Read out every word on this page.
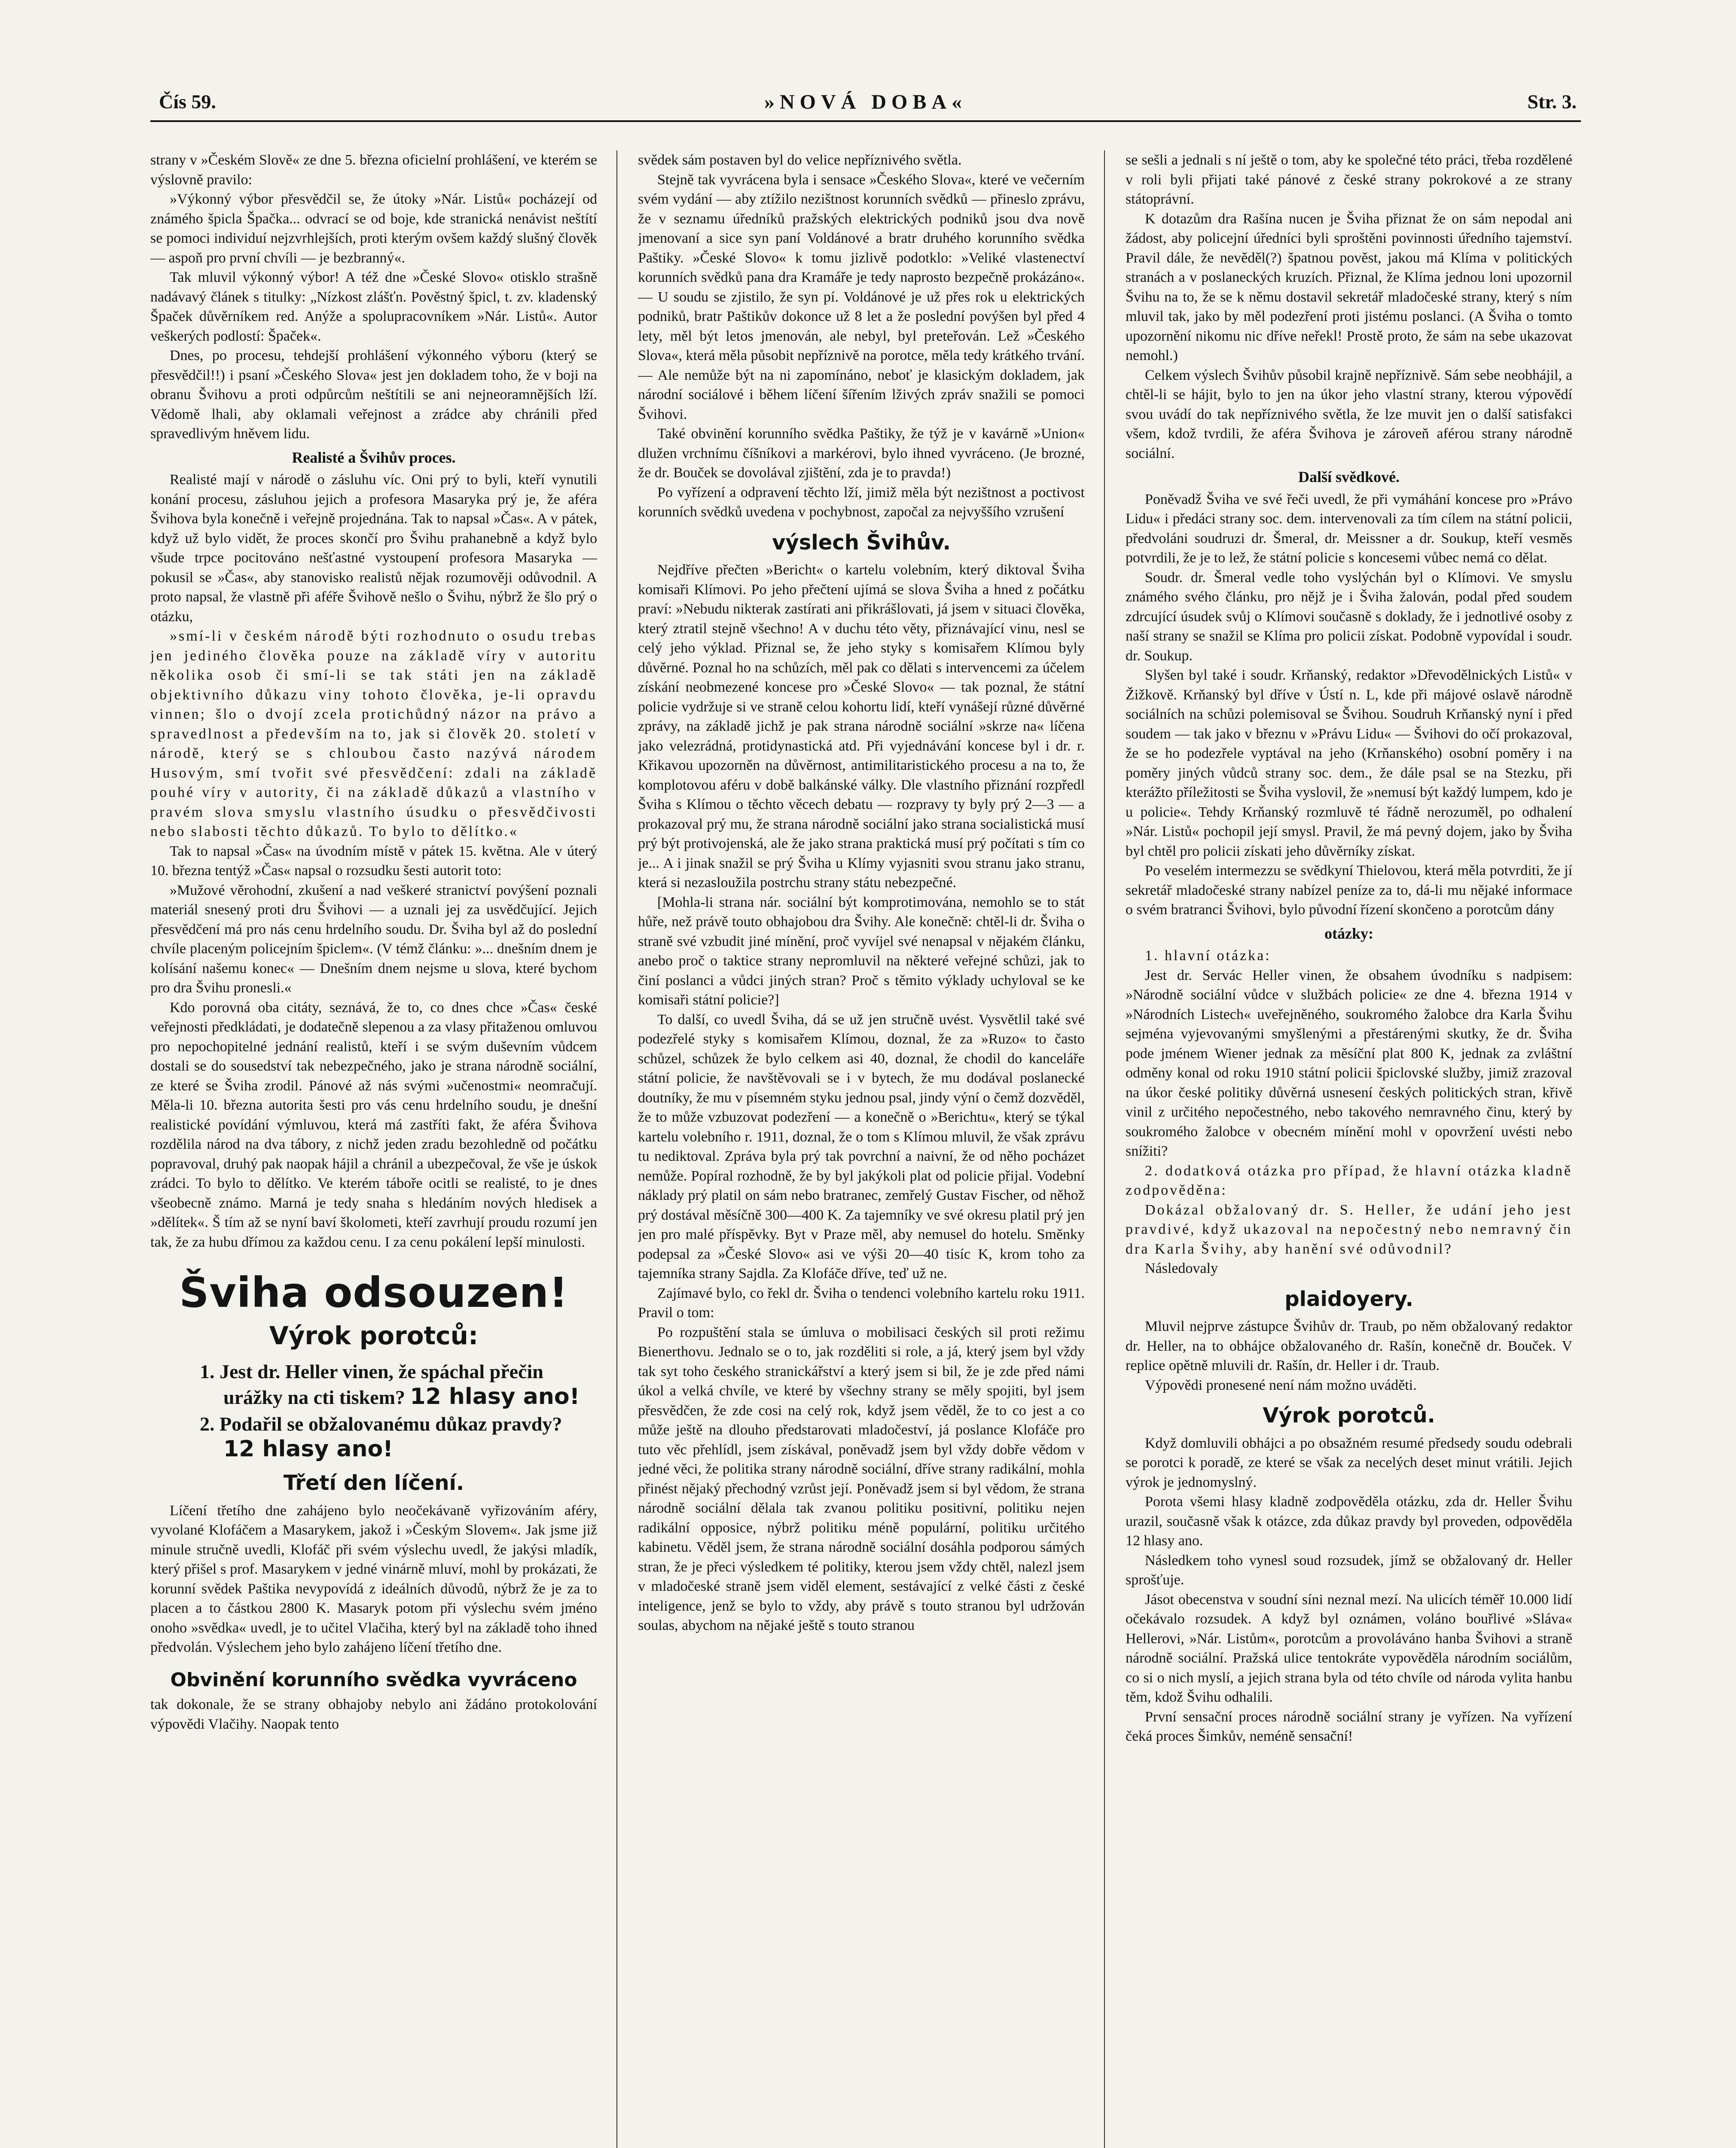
Čís 59.	»NOVÁ DOBA«	Str. 3.

strany v »Českém Slově« ze dne 5. března oficielní prohlášení, ve kterém se výslovně pravilo:

»Výkonný výbor přesvědčil se, že útoky »Nár. Listů« pocházejí od známého špicla Špačka... odvrací se od boje, kde stranická nenávist neštítí se pomoci individuí nejzvrhlejších, proti kterým ovšem každý slušný člověk — aspoň pro první chvíli — je bezbranný«.

Tak mluvil výkonný výbor! A též dne »České Slovo« otisklo strašně nadávavý článek s titulky: „Nízkost zlášťn. Pověstný špicl, t. zv. kladenský Špaček důvěrníkem red. Anýže a spolupracovníkem »Nár. Listů«. Autor veškerých podlostí: Špaček«.

Dnes, po procesu, tehdejší prohlášení výkonného výboru (který se přesvědčil!!) i psaní »Českého Slova« jest jen dokladem toho, že v boji na obranu Švihovu a proti odpůrcům neštítili se ani nejneoramnějších lží. Vědomě lhali, aby oklamali veřejnost a zrádce aby chránili před spravedlivým hněvem lidu.

Realisté a Švihův proces.

Realisté mají v národě o zásluhu víc. Oni prý to byli, kteří vynutili konání procesu, zásluhou jejich a profesora Masaryka prý je, že aféra Švihova byla konečně i veřejně projednána. Tak to napsal »Čas«. A v pátek, když už bylo vidět, že proces skončí pro Švihu prahanebně a když bylo všude trpce pocitováno nešťastné vystoupení profesora Masaryka — pokusil se »Čas«, aby stanovisko realistů nějak rozumověji odůvodnil. A proto napsal, že vlastně při aféře Švihově nešlo o Švihu, nýbrž že šlo prý o otázku,

»smí-li v českém národě býti rozhodnuto o osudu trebas jen jediného člověka pouze na základě víry v autoritu několika osob či smí-li se tak státi jen na základě objektivního důkazu viny tohoto člověka, je-li opravdu vinnen; šlo o dvojí zcela protichůdný názor na právo a spravedlnost a především na to, jak si člověk 20. století v národě, který se s chloubou často nazývá národem Husovým, smí tvořit své přesvědčení: zdali na základě pouhé víry v autority, či na základě důkazů a vlastního v pravém slova smyslu vlastního úsudku o přesvědčivosti nebo slabosti těchto důkazů. To bylo to dělítko.«

Tak to napsal »Čas« na úvodním místě v pátek 15. května. Ale v úterý 10. března tentýž »Čas« napsal o rozsudku šesti autorit toto:

»Mužové věrohodní, zkušení a nad veškeré stranictví povýšení poznali materiál snesený proti dru Švihovi — a uznali jej za usvědčující. Jejich přesvědčení má pro nás cenu hrdelního soudu. Dr. Šviha byl až do poslední chvíle placeným policejním špiclem«. (V témž článku: »... dnešním dnem je kolísání našemu konec« — Dnešním dnem nejsme u slova, které bychom pro dra Švihu pronesli.«

Kdo porovná oba citáty, seznává, že to, co dnes chce »Čas« české veřejnosti předkládati, je dodatečně slepenou a za vlasy přitaženou omluvou pro nepochopitelné jednání realistů, kteří i se svým duševním vůdcem dostali se do sousedství tak nebezpečného, jako je strana národně sociální, ze které se Šviha zrodil. Pánové až nás svými »učenostmi« neomračují. Měla-li 10. března autorita šesti pro vás cenu hrdelního soudu, je dnešní realistické povídání výmluvou, která má zastříti fakt, že aféra Švihova rozdělila národ na dva tábory, z nichž jeden zradu bezohledně od počátku popravoval, druhý pak naopak hájil a chránil a ubezpečoval, že vše je úskok zrádci. To bylo to dělítko. Ve kterém táboře ocitli se realisté, to je dnes všeobecně známo. Marná je tedy snaha s hledáním nových hledisek a »dělítek«. Š tím až se nyní baví školometi, kteří zavrhují proudu rozumí jen tak, že za hubu dřímou za každou cenu. I za cenu pokálení lepší minulosti.

Šviha odsouzen!
Výrok porotců:
1. Jest dr. Heller vinen, že spáchal přečin urážky na cti tiskem? 12 hlasy ano!
2. Podařil se obžalovanému důkaz pravdy? 12 hlasy ano!
Třetí den líčení.

Líčení třetího dne zahájeno bylo neočekávaně vyřizováním aféry, vyvolané Klofáčem a Masarykem, jakož i »Českým Slovem«. Jak jsme již minule stručně uvedli, Klofáč při svém výslechu uvedl, že jakýsi mladík, který přišel s prof. Masarykem v jedné vinárně mluví, mohl by prokázati, že korunní svědek Paštika nevypovídá z ideálních důvodů, nýbrž že je za to placen a to částkou 2800 K. Masaryk potom při výslechu svém jméno onoho »svědka« uvedl, je to učitel Vlačiha, který byl na základě toho ihned předvolán. Výslechem jeho bylo zahájeno líčení třetího dne.

Obvinění korunního svědka vyvráceno

tak dokonale, že se strany obhajoby nebylo ani žádáno protokolování výpovědi Vlačihy. Naopak tento

svědek sám postaven byl do velice nepříznivého světla.

Stejně tak vyvrácena byla i sensace »Českého Slova«, které ve večerním svém vydání — aby ztížilo nezištnost korunních svědků — přineslo zprávu, že v seznamu úředníků pražských elektrických podniků jsou dva nově jmenovaní a sice syn paní Voldánové a bratr druhého korunního svědka Paštiky. »České Slovo« k tomu jizlivě podotklo: »Veliké vlastenectví korunních svědků pana dra Kramáře je tedy naprosto bezpečně prokázáno«. — U soudu se zjistilo, že syn pí. Voldánové je už přes rok u elektrických podniků, bratr Paštikův dokonce už 8 let a že poslední povýšen byl před 4 lety, měl být letos jmenován, ale nebyl, byl preteřován. Lež »Českého Slova«, která měla působit nepříznivě na porotce, měla tedy krátkého trvání. — Ale nemůže být na ni zapomínáno, neboť je klasickým dokladem, jak národní sociálové i během líčení šířením lživých zpráv snažili se pomoci Švihovi.

Také obvinění korunního svědka Paštiky, že týž je v kavárně »Union« dlužen vrchnímu číšníkovi a markérovi, bylo ihned vyvráceno. (Je brozné, že dr. Bouček se dovolával zjištění, zda je to pravda!)

Po vyřízení a odpravení těchto lží, jimiž měla být nezištnost a poctivost korunních svědků uvedena v pochybnost, započal za nejvyššího vzrušení

výslech Švihův.

Nejdříve přečten »Bericht« o kartelu volebním, který diktoval Šviha komisaři Klímovi. Po jeho přečtení ujímá se slova Šviha a hned z počátku praví: »Nebudu nikterak zastírati ani přikrášlovati, já jsem v situaci člověka, který ztratil stejně všechno! A v duchu této věty, přiznávající vinu, nesl se celý jeho výklad. Přiznal se, že jeho styky s komisařem Klímou byly důvěrné. Poznal ho na schůzích, měl pak co dělati s intervencemi za účelem získání neobmezené koncese pro »České Slovo« — tak poznal, že státní policie vydržuje si ve straně celou kohortu lidí, kteří vynášejí různé důvěrné zprávy, na základě jichž je pak strana národně sociální »skrze na« líčena jako velezrádná, protidynastická atd. Při vyjednávání koncese byl i dr. r. Křikavou upozorněn na důvěrnost, antimilitaristického procesu a na to, že komplotovou aféru v době balkánské války. Dle vlastního přiznání rozpředl Šviha s Klímou o těchto věcech debatu — rozpravy ty byly prý 2—3 — a prokazoval prý mu, že strana národně sociální jako strana socialistická musí prý být protivojenská, ale že jako strana praktická musí prý počítati s tím co je... A i jinak snažil se prý Šviha u Klímy vyjasniti svou stranu jako stranu, která si nezasloužila postrchu strany státu nebezpečné.

[Mohla-li strana nár. sociální být komprotimována, nemohlo se to stát hůře, než právě touto obhajobou dra Švihy. Ale konečně: chtěl-li dr. Šviha o straně své vzbudit jiné mínění, proč vyvíjel své nenapsal v nějakém článku, anebo proč o taktice strany nepromluvil na některé veřejné schůzi, jak to činí poslanci a vůdci jiných stran? Proč s těmito výklady uchyloval se ke komisaři státní policie?]

To další, co uvedl Šviha, dá se už jen stručně uvést. Vysvětlil také své podezřelé styky s komisařem Klímou, doznal, že za »Ruzo« to často schůzel, schůzek že bylo celkem asi 40, doznal, že chodil do kanceláře státní policie, že navštěvovali se i v bytech, že mu dodával poslanecké doutníky, že mu v písemném styku jednou psal, jindy výní o čemž dozvěděl, že to může vzbuzovat podezření — a konečně o »Berichtu«, který se týkal kartelu volebního r. 1911, doznal, že o tom s Klímou mluvil, že však zprávu tu nediktoval. Zpráva byla prý tak povrchní a naivní, že od něho pocházet nemůže. Popíral rozhodně, že by byl jakýkoli plat od policie přijal. Vodební náklady prý platil on sám nebo bratranec, zemřelý Gustav Fischer, od něhož prý dostával měsíčně 300—400 K. Za tajemníky ve své okresu platil prý jen jen pro malé příspěvky. Byt v Praze měl, aby nemusel do hotelu. Směnky podepsal za »České Slovo« asi ve výši 20—40 tisíc K, krom toho za tajemníka strany Sajdla. Za Klofáče dříve, teď už ne.

Zajímavé bylo, co řekl dr. Šviha o tendenci volebního kartelu roku 1911. Pravil o tom:

Po rozpuštění stala se úmluva o mobilisaci českých sil proti režimu Bienerthovu. Jednalo se o to, jak rozděliti si role, a já, který jsem byl vždy tak syt toho českého stranickářství a který jsem si bil, že je zde před námi úkol a velká chvíle, ve které by všechny strany se měly spojiti, byl jsem přesvědčen, že zde cosi na celý rok, když jsem věděl, že to co jest a co může ještě na dlouho předstarovati mladočeství, já poslance Klofáče pro tuto věc přehlídl, jsem získával, poněvadž jsem byl vždy dobře vědom v jedné věci, že politika strany národně sociální, dříve strany radikální, mohla přinést nějaký přechodný vzrůst její. Poněvadž jsem si byl vědom, že strana národně sociální dělala tak zvanou politiku positivní, politiku nejen radikální opposice, nýbrž politiku méně populární, politiku určitého kabinetu. Věděl jsem, že strana národně sociální dosáhla podporou sámých stran, že je přeci výsledkem té politiky, kterou jsem vždy chtěl, nalezl jsem v mladočeské straně jsem viděl element, sestávající z velké části z české inteligence, jenž se bylo to vždy, aby právě s touto stranou byl udržován soulas, abychom na nějaké ještě s touto stranou

se sešli a jednali s ní ještě o tom, aby ke společné této práci, třeba rozdělené v roli byli přijati také pánové z české strany pokrokové a ze strany státoprávní.

K dotazům dra Rašína nucen je Šviha přiznat že on sám nepodal ani žádost, aby policejní úředníci byli sproštěni povinnosti úředního tajemství. Pravil dále, že nevěděl(?) špatnou pověst, jakou má Klíma v politických stranách a v poslaneckých kruzích. Přiznal, že Klíma jednou loni upozornil Švihu na to, že se k němu dostavil sekretář mladočeské strany, který s ním mluvil tak, jako by měl podezření proti jistému poslanci. (A Šviha o tomto upozornění nikomu nic dříve neřekl! Prostě proto, že sám na sebe ukazovat nemohl.)

Celkem výslech Švihův působil krajně nepříznivě. Sám sebe neobhájil, a chtěl-li se hájit, bylo to jen na úkor jeho vlastní strany, kterou výpovědí svou uvádí do tak nepříznivého světla, že lze muvit jen o další satisfakci všem, kdož tvrdili, že aféra Švihova je zároveň aférou strany národně sociální.

Další svědkové.

Poněvadž Šviha ve své řeči uvedl, že při vymáhání koncese pro »Právo Lidu« i předáci strany soc. dem. intervenovali za tím cílem na státní policii, předvoláni soudruzi dr. Šmeral, dr. Meissner a dr. Soukup, kteří vesměs potvrdili, že je to lež, že státní policie s koncesemi vůbec nemá co dělat.

Soudr. dr. Šmeral vedle toho vyslýchán byl o Klímovi. Ve smyslu známého svého článku, pro nějž je i Šviha žalován, podal před soudem zdrcující úsudek svůj o Klímovi současně s doklady, že i jednotlivé osoby z naší strany se snažil se Klíma pro policii získat. Podobně vypovídal i soudr. dr. Soukup.

Slyšen byl také i soudr. Krňanský, redaktor »Dřevodělnických Listů« v Žižkově. Krňanský byl dříve v Ústí n. L, kde při májové oslavě národně sociálních na schůzi polemisoval se Švihou. Soudruh Krňanský nyní i před soudem — tak jako v březnu v »Právu Lidu« — Švihovi do očí prokazoval, že se ho podezřele vyptával na jeho (Krňanského) osobní poměry i na poměry jiných vůdců strany soc. dem., že dále psal se na Stezku, při kterážto příležitosti se Šviha vyslovil, že »nemusí být každý lumpem, kdo je u policie«. Tehdy Krňanský rozmluvě té řádně nerozuměl, po odhalení »Nár. Listů« pochopil její smysl. Pravil, že má pevný dojem, jako by Šviha byl chtěl pro policii získati jeho důvěrníky získat.

Po veselém intermezzu se svědkyní Thielovou, která měla potvrditi, že jí sekretář mladočeské strany nabízel peníze za to, dá-li mu nějaké informace o svém bratranci Švihovi, bylo původní řízení skončeno a porotcům dány

otázky:

1. hlavní otázka:

Jest dr. Servác Heller vinen, že obsahem úvodníku s nadpisem: »Národně sociální vůdce v službách policie« ze dne 4. března 1914 v »Národních Listech« uveřejněného, soukromého žalobce dra Karla Švihu sejména vyjevovanými smyšlenými a přestárenými skutky, že dr. Šviha pode jménem Wiener jednak za měsíční plat 800 K, jednak za zvláštní odměny konal od roku 1910 státní policii špiclovské služby, jimiž zrazoval na úkor české politiky důvěrná usnesení českých politických stran, křivě vinil z určitého nepočestného, nebo takového nemravného činu, který by soukromého žalobce v obecném mínění mohl v opovržení uvésti nebo snížiti?

2. dodatková otázka pro případ, že hlavní otázka kladně zodpověděna:

Dokázal obžalovaný dr. S. Heller, že udání jeho jest pravdivé, když ukazoval na nepočestný nebo nemravný čin dra Karla Švihy, aby hanění své odůvodnil?

Následovaly

plaidoyery.

Mluvil nejprve zástupce Švihův dr. Traub, po něm obžalovaný redaktor dr. Heller, na to obhájce obžalovaného dr. Rašín, konečně dr. Bouček. V replice opětně mluvili dr. Rašín, dr. Heller i dr. Traub.

Výpovědi pronesené není nám možno uváděti.

Výrok porotců.

Když domluvili obhájci a po obsažném resumé předsedy soudu odebrali se porotci k poradě, ze které se však za necelých deset minut vrátili. Jejich výrok je jednomyslný.

Porota všemi hlasy kladně zodpověděla otázku, zda dr. Heller Švihu urazil, současně však k otázce, zda důkaz pravdy byl proveden, odpověděla 12 hlasy ano.

Následkem toho vynesl soud rozsudek, jímž se obžalovaný dr. Heller sprošťuje.

Jásot obecenstva v soudní síni neznal mezí. Na ulicích téměř 10.000 lidí očekávalo rozsudek. A když byl oznámen, voláno bouřlivé »Sláva« Hellerovi, »Nár. Listům«, porotcům a provoláváno hanba Švihovi a straně národně sociální. Pražská ulice tentokráte vypověděla národním sociálům, co si o nich myslí, a jejich strana byla od této chvíle od národa vylita hanbu těm, kdož Švihu odhalili.

První sensační proces národně sociální strany je vyřízen. Na vyřízení čeká proces Šimkův, neméně sensační!
